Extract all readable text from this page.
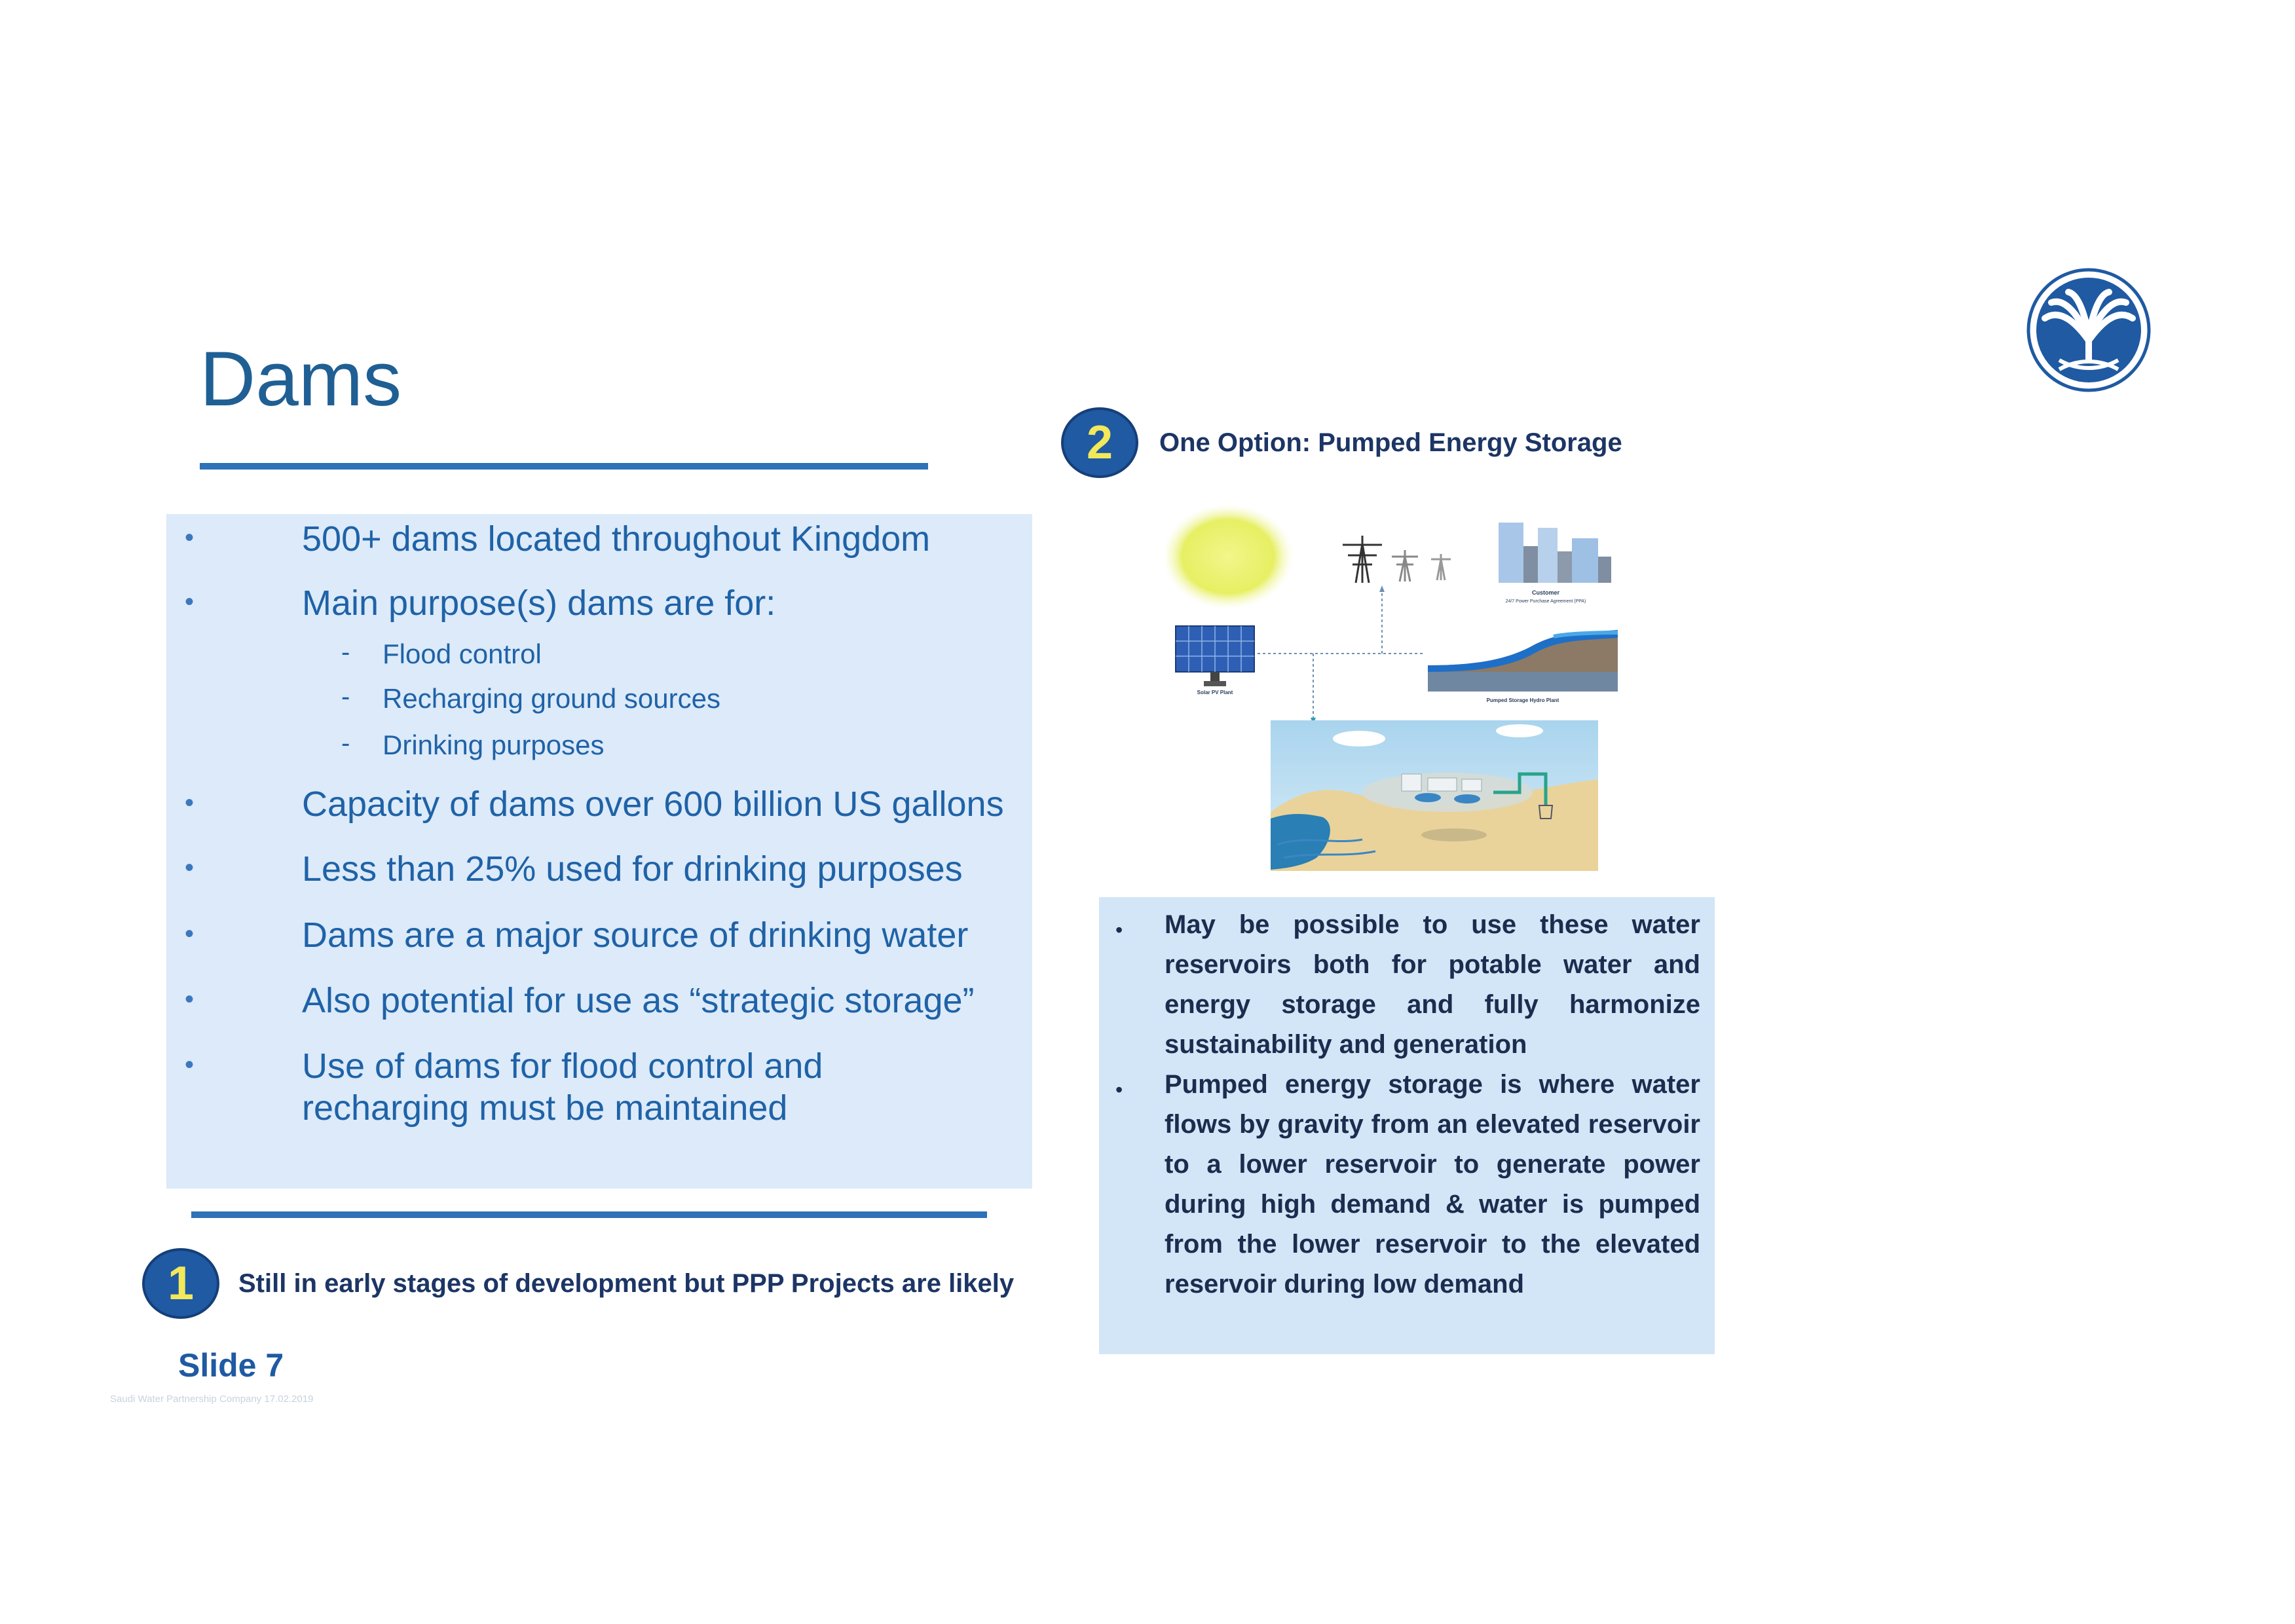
Dams
•	500+ dams located throughout Kingdom
•	Main purpose(s) dams are for:
- Flood control
- Recharging ground sources
- Drinking purposes
•	Capacity of dams over 600 billion US gallons
•	Less than 25% used for drinking purposes
•	Dams are a major source of drinking water
•	Also potential for use as “strategic storage”
•	Use of dams for flood control and recharging must be maintained
1	Still in early stages of development but PPP Projects are likely
2	One Option: Pumped Energy Storage
Customer
24/7 Power Purchase Agreement (PPA)
Solar PV Plant
Pumped Storage Hydro Plant
• May be possible to use these water reservoirs both for potable water and energy storage and fully harmonize sustainability and generation
• Pumped energy storage is where water flows by gravity from an elevated reservoir to a lower reservoir to generate power during high demand & water is pumped from the lower reservoir to the elevated reservoir during low demand
Slide 7
Saudi Water Partnership Company 17.02.2019
